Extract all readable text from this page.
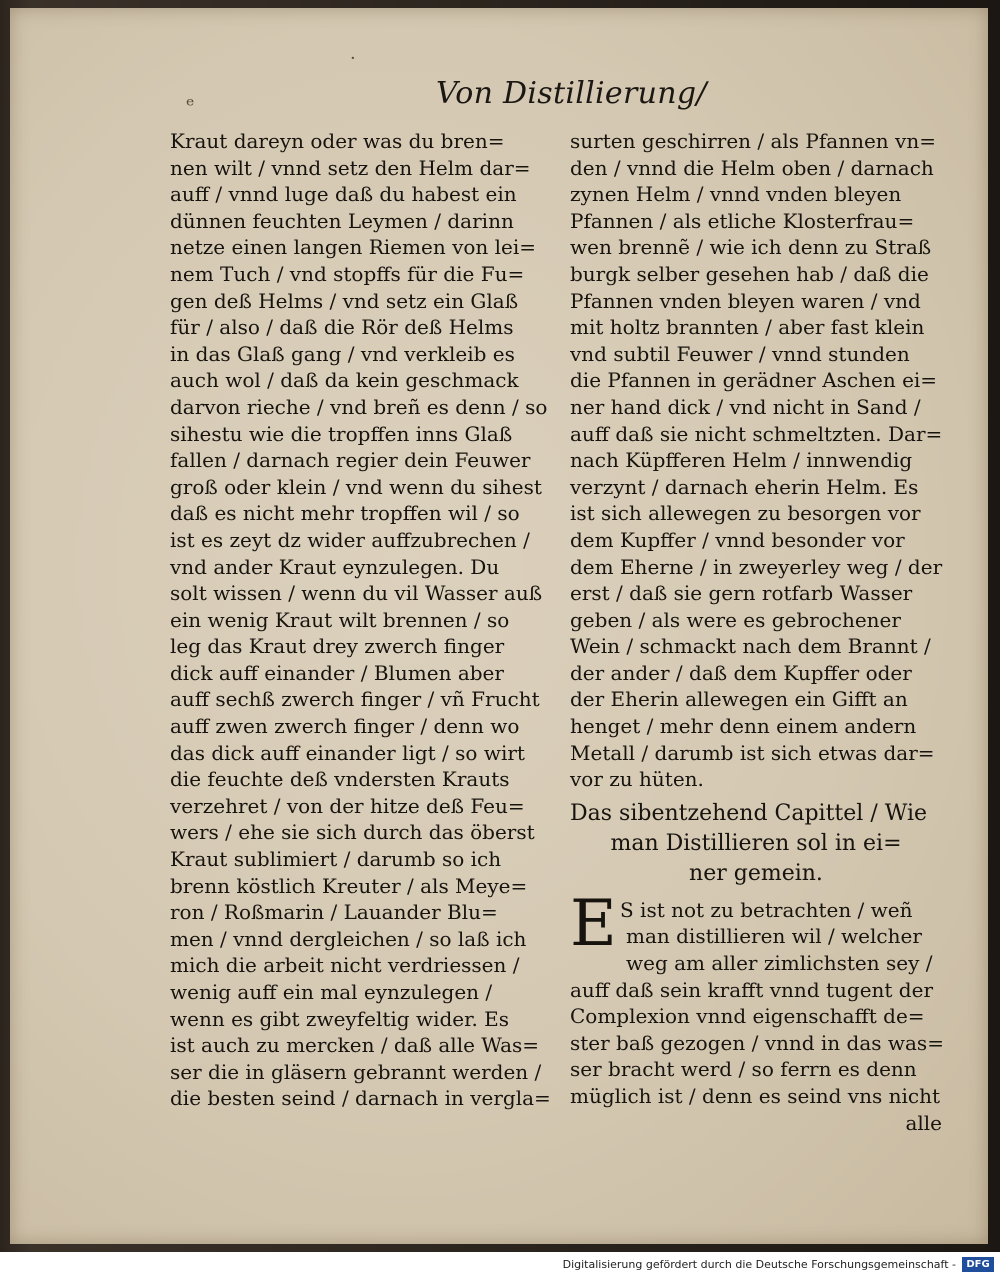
·
ᵉ	Von Distillierung/
Kraut dareyn oder was du bren=
nen wilt / vnnd setz den Helm dar=
auff / vnnd luge daß du habest ein
dünnen feuchten Leymen / darinn
netze einen langen Riemen von lei=
nem Tuch / vnd stopffs für die Fu=
gen deß Helms / vnd setz ein Glaß
für / also / daß die Rör deß Helms
in das Glaß gang / vnd verkleib es
auch wol / daß da kein geschmack
darvon rieche / vnd breñ es denn / so
sihestu wie die tropffen inns Glaß
fallen / darnach regier dein Feuwer
groß oder klein / vnd wenn du sihest
daß es nicht mehr tropffen wil / so
ist es zeyt dz wider auffzubrechen /
vnd ander Kraut eynzulegen. Du
solt wissen / wenn du vil Wasser auß
ein wenig Kraut wilt brennen / so
leg das Kraut drey zwerch finger
dick auff einander / Blumen aber
auff sechß zwerch finger / vñ Frucht
auff zwen zwerch finger / denn wo
das dick auff einander ligt / so wirt
die feuchte deß vndersten Krauts
verzehret / von der hitze deß Feu=
wers / ehe sie sich durch das öberst
Kraut sublimiert / darumb so ich
brenn köstlich Kreuter / als Meye=
ron / Roßmarin / Lauander Blu=
men / vnnd dergleichen / so laß ich
mich die arbeit nicht verdriessen /
wenig auff ein mal eynzulegen /
wenn es gibt zweyfeltig wider. Es
ist auch zu mercken / daß alle Was=
ser die in gläsern gebrannt werden /
die besten seind / darnach in vergla=
surten geschirren / als Pfannen vn=
den / vnnd die Helm oben / darnach
zynen Helm / vnnd vnden bleyen
Pfannen / als etliche Klosterfrau=
wen brennẽ / wie ich denn zu Straß
burgk selber gesehen hab / daß die
Pfannen vnden bleyen waren / vnd
mit holtz brannten / aber fast klein
vnd subtil Feuwer / vnnd stunden
die Pfannen in gerädner Aschen ei=
ner hand dick / vnd nicht in Sand /
auff daß sie nicht schmeltzten. Dar=
nach Küpfferen Helm / innwendig
verzynt / darnach eherin Helm. Es
ist sich allewegen zu besorgen vor
dem Kupffer / vnnd besonder vor
dem Eherne / in zweyerley weg / der
erst / daß sie gern rotfarb Wasser
geben / als were es gebrochener
Wein / schmackt nach dem Brannt /
der ander / daß dem Kupffer oder
der Eherin allewegen ein Gifft an
henget / mehr denn einem andern
Metall / darumb ist sich etwas dar=
vor zu hüten.
Das sibentzehend Capittel / Wie
man Distillieren sol in ei=
ner gemein.
E S ist not zu betrachten / weñ
man distillieren wil / welcher
weg am aller zimlichsten sey /
auff daß sein krafft vnnd tugent der
Complexion vnnd eigenschafft de=
ster baß gezogen / vnnd in das was=
ser bracht werd / so ferrn es denn
müglich ist / denn es seind vns nicht
alle
Digitalisierung gefördert durch die Deutsche Forschungsgemeinschaft -	DFG
